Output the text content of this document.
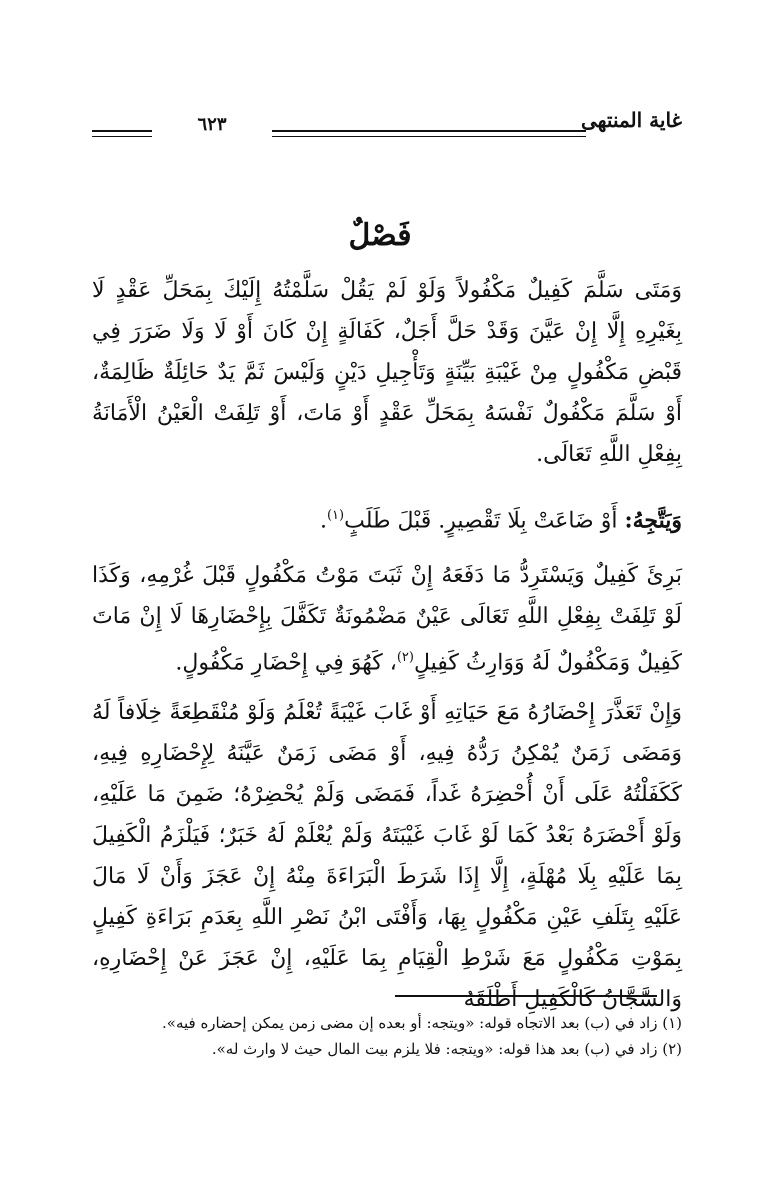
غاية المنتهى
٦٢٣
فَصْلٌ
وَمَتَى سَلَّمَ كَفِيلٌ مَكْفُولاً وَلَوْ لَمْ يَقُلْ سَلَّمْتُهُ إِلَيْكَ بِمَحَلِّ عَقْدٍ لَا بِغَيْرِهِ إِلَّا إِنْ عَيَّنَ وَقَدْ حَلَّ أَجَلٌ، كَفَالَةٍ إِنْ كَانَ أَوْ لَا وَلَا ضَرَرَ فِي قَبْضِ مَكْفُولٍ مِنْ غَيْبَةِ بَيِّنَةٍ وَتَأْجِيلِ دَيْنٍ وَلَيْسَ ثَمَّ يَدٌ حَائِلَةٌ ظَالِمَةٌ، أَوْ سَلَّمَ مَكْفُولٌ نَفْسَهُ بِمَحَلِّ عَقْدٍ أَوْ مَاتَ، أَوْ تَلِفَتْ الْعَيْنُ الْأَمَانَةُ بِفِعْلِ اللَّهِ تَعَالَى.
وَيَتَّجِهُ: أَوْ ضَاعَتْ بِلَا تَقْصِيرٍ. قَبْلَ طَلَبٍ$^{(١)}$.
بَرِئَ كَفِيلٌ وَيَسْتَرِدُّ مَا دَفَعَهُ إِنْ ثَبَتَ مَوْتُ مَكْفُولٍ قَبْلَ غُرْمِهِ، وَكَذَا لَوْ تَلِفَتْ بِفِعْلِ اللَّهِ تَعَالَى عَيْنٌ مَضْمُونَةٌ تَكَفَّلَ بِإِحْضَارِهَا لَا إِنْ مَاتَ كَفِيلٌ وَمَكْفُولٌ لَهُ وَوَارِثُ كَفِيلٍ$^{(٢)}$، كَهُوَ فِي إِحْضَارِ مَكْفُولٍ.
وَإِنْ تَعَذَّرَ إِحْضَارُهُ مَعَ حَيَاتِهِ أَوْ غَابَ غَيْبَةً تُعْلَمُ وَلَوْ مُنْقَطِعَةً خِلَافاً لَهُ وَمَضَى زَمَنٌ يُمْكِنُ رَدُّهُ فِيهِ، أَوْ مَضَى زَمَنٌ عَيَّنَهُ لِإِحْضَارِهِ فِيهِ، كَكَفَلْتُهُ عَلَى أَنْ أُحْضِرَهُ غَداً، فَمَضَى وَلَمْ يُحْضِرْهُ؛ ضَمِنَ مَا عَلَيْهِ، وَلَوْ أَحْضَرَهُ بَعْدُ كَمَا لَوْ غَابَ غَيْبَتَهُ وَلَمْ يُعْلَمْ لَهُ خَبَرٌ؛ فَيَلْزَمُ الْكَفِيلَ بِمَا عَلَيْهِ بِلَا مُهْلَةٍ، إِلَّا إِذَا شَرَطَ الْبَرَاءَةَ مِنْهُ إِنْ عَجَزَ وَأَنْ لَا مَالَ عَلَيْهِ بِتَلَفِ عَيْنِ مَكْفُولٍ بِهَا، وَأَفْتَى ابْنُ نَصْرِ اللَّهِ بِعَدَمِ بَرَاءَةِ كَفِيلٍ بِمَوْتِ مَكْفُولٍ مَعَ شَرْطِ الْقِيَامِ بِمَا عَلَيْهِ، إِنْ عَجَزَ عَنْ إِحْضَارِهِ، وَالسَّجَّانُ كَالْكَفِيلِ أَطْلَقَهُ
(١) زاد في (ب) بعد الاتجاه قوله: «ويتجه: أو بعده إن مضى زمن يمكن إحضاره فيه».
(٢) زاد في (ب) بعد هذا قوله: «ويتجه: فلا يلزم بيت المال حيث لا وارث له».
